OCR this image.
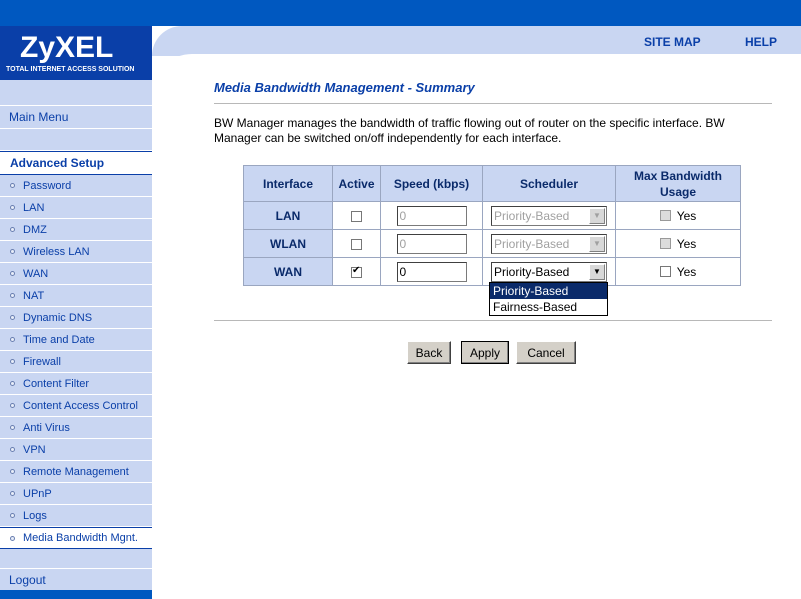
ZyXEL
TOTAL INTERNET ACCESS SOLUTION
SITE MAP	HELP
Main Menu
Advanced Setup
Password
LAN
DMZ
Wireless LAN
WAN
NAT
Dynamic DNS
Time and Date
Firewall
Content Filter
Content Access Control
Anti Virus
VPN
Remote Management
UPnP
Logs
Media Bandwidth Mgnt.
Logout
Media Bandwidth Management - Summary
BW Manager manages the bandwidth of traffic flowing out of router on the specific interface. BW Manager can be switched on/off independently for each interface.
Interface	Active	Speed (kbps)	Scheduler	Max Bandwidth Usage
LAN		0	Priority-Based ▼	Yes
WLAN		0	Priority-Based ▼	Yes
WAN	✔	0	Priority-Based ▼	Yes
Priority-Based
Fairness-Based
Back	Apply	Cancel
